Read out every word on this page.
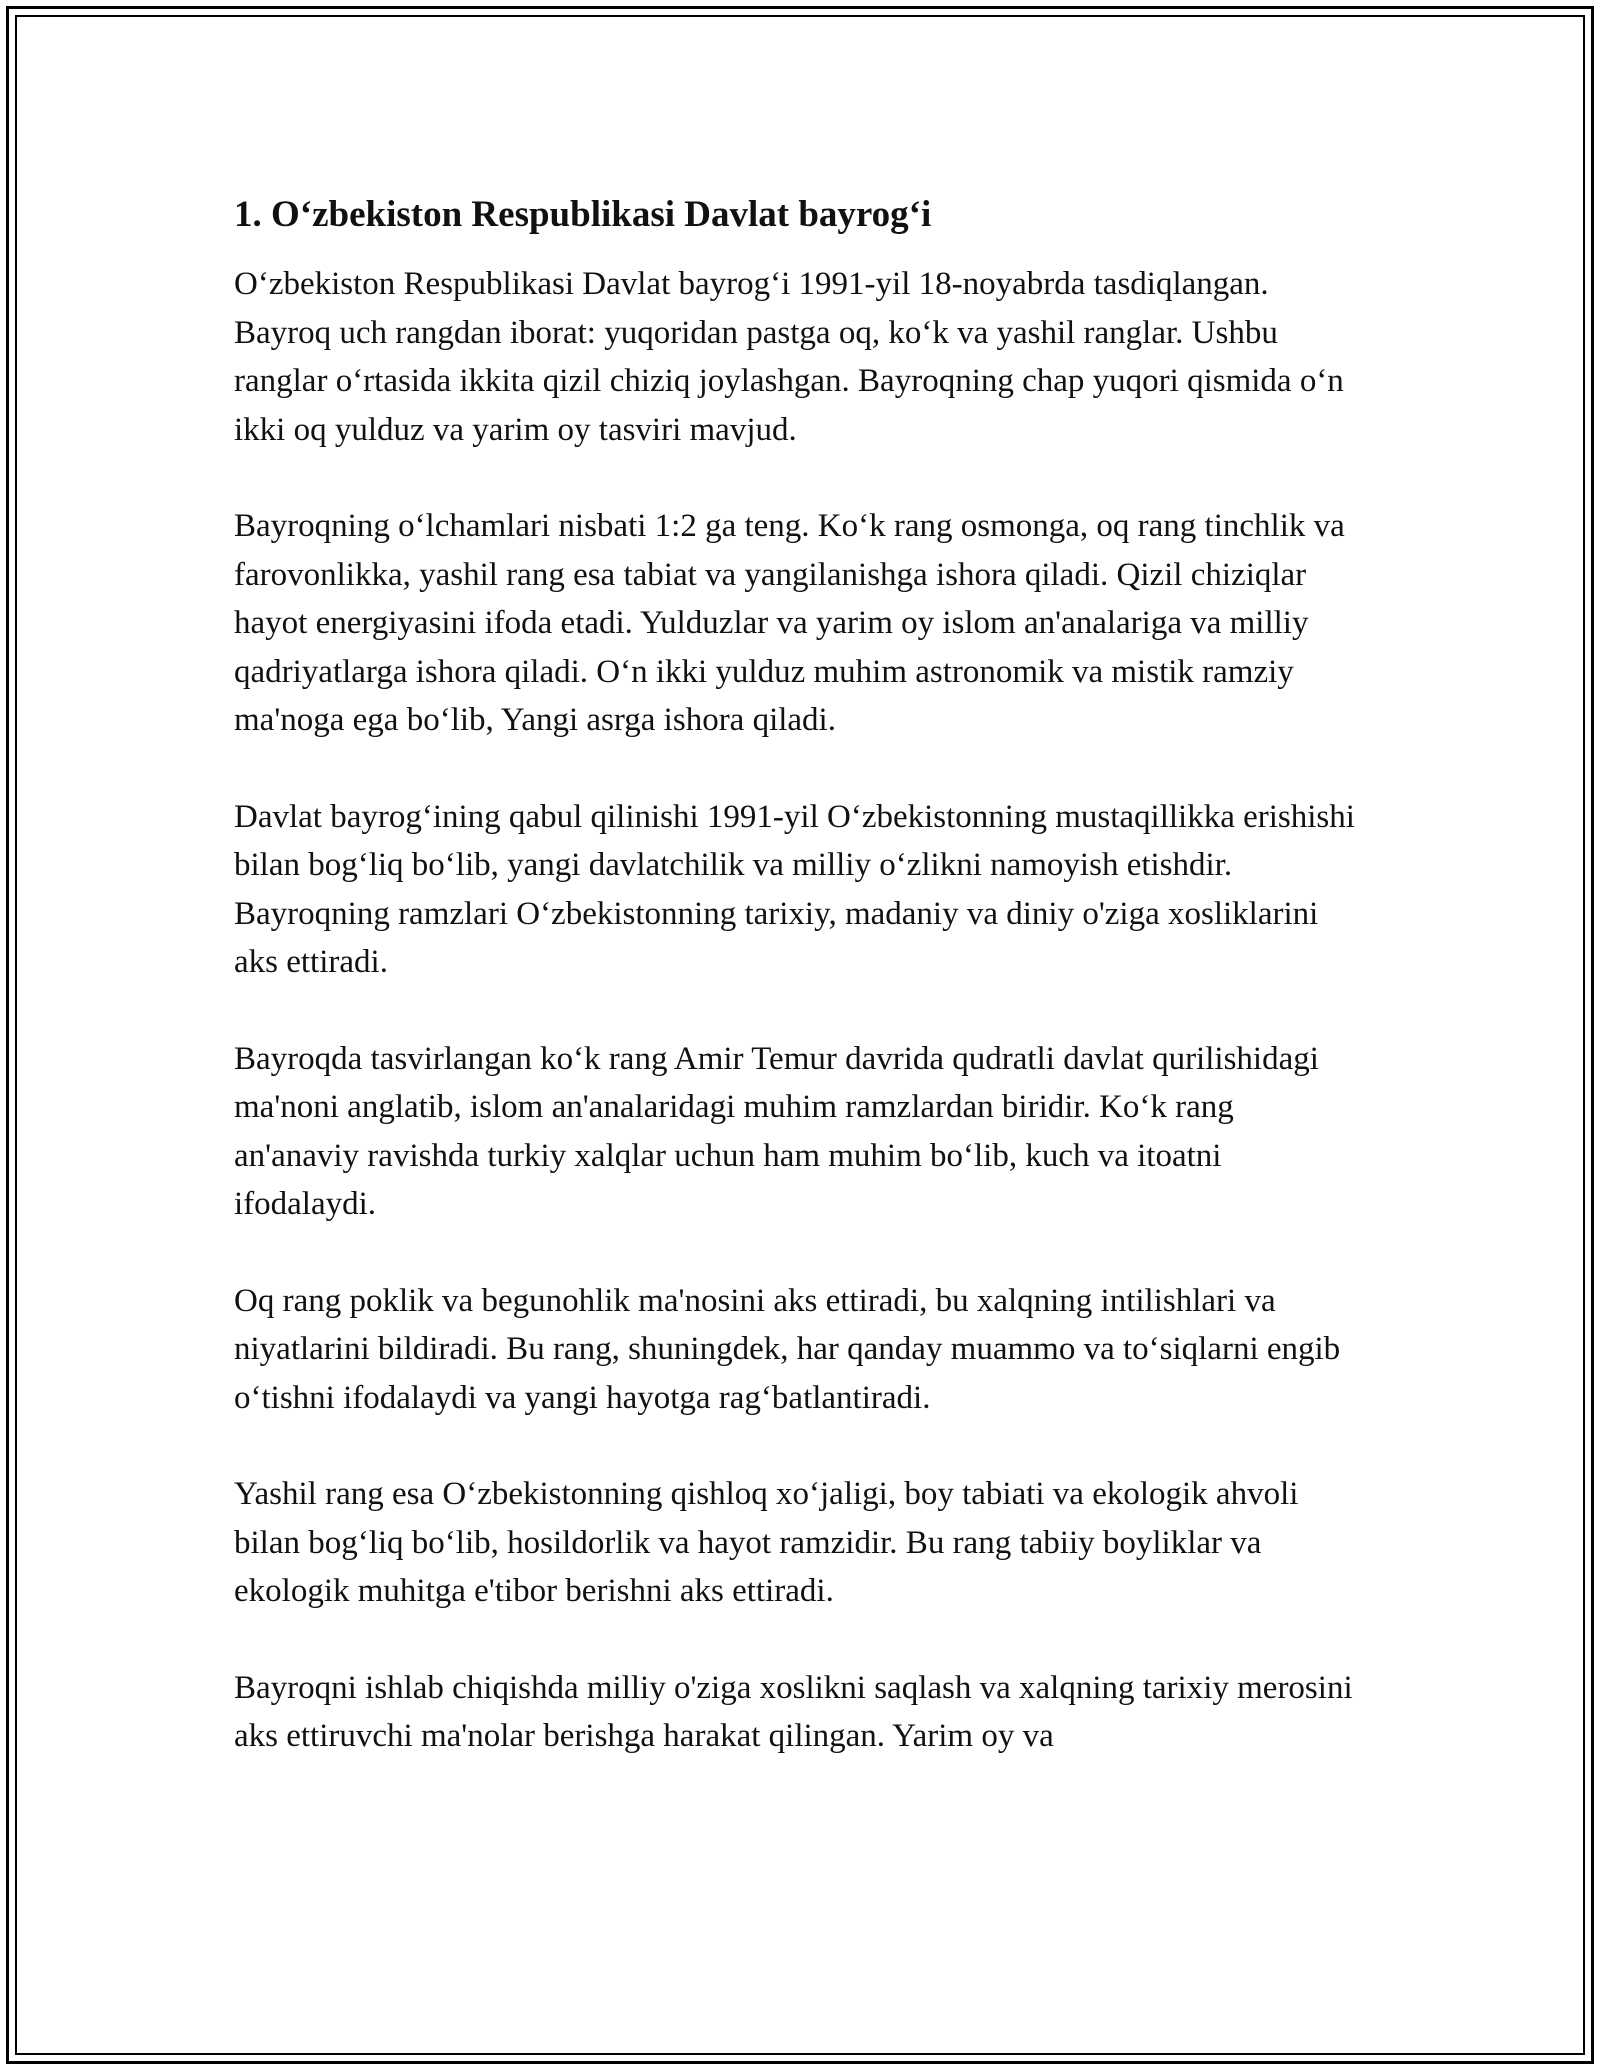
1. Oʻzbekiston Respublikasi Davlat bayrogʻi

Oʻzbekiston Respublikasi Davlat bayrogʻi 1991-yil 18-noyabrda tasdiqlangan. Bayroq uch rangdan iborat: yuqoridan pastga oq, koʻk va yashil ranglar. Ushbu ranglar oʻrtasida ikkita qizil chiziq joylashgan. Bayroqning chap yuqori qismida oʻn ikki oq yulduz va yarim oy tasviri mavjud.

Bayroqning oʻlchamlari nisbati 1:2 ga teng. Koʻk rang osmonga, oq rang tinchlik va farovonlikka, yashil rang esa tabiat va yangilanishga ishora qiladi. Qizil chiziqlar hayot energiyasini ifoda etadi. Yulduzlar va yarim oy islom an'analariga va milliy qadriyatlarga ishora qiladi. Oʻn ikki yulduz muhim astronomik va mistik ramziy ma'noga ega boʻlib, Yangi asrga ishora qiladi.

Davlat bayrogʻining qabul qilinishi 1991-yil Oʻzbekistonning mustaqillikka erishishi bilan bogʻliq boʻlib, yangi davlatchilik va milliy oʻzlikni namoyish etishdir. Bayroqning ramzlari Oʻzbekistonning tarixiy, madaniy va diniy o'ziga xosliklarini aks ettiradi.

Bayroqda tasvirlangan koʻk rang Amir Temur davrida qudratli davlat qurilishidagi ma'noni anglatib, islom an'analaridagi muhim ramzlardan biridir. Koʻk rang an'anaviy ravishda turkiy xalqlar uchun ham muhim boʻlib, kuch va itoatni ifodalaydi.

Oq rang poklik va begunohlik ma'nosini aks ettiradi, bu xalqning intilishlari va niyatlarini bildiradi. Bu rang, shuningdek, har qanday muammo va toʻsiqlarni engib oʻtishni ifodalaydi va yangi hayotga ragʻbatlantiradi.

Yashil rang esa Oʻzbekistonning qishloq xoʻjaligi, boy tabiati va ekologik ahvoli bilan bogʻliq boʻlib, hosildorlik va hayot ramzidir. Bu rang tabiiy boyliklar va ekologik muhitga e'tibor berishni aks ettiradi.

Bayroqni ishlab chiqishda milliy o'ziga xoslikni saqlash va xalqning tarixiy merosini aks ettiruvchi ma'nolar berishga harakat qilingan. Yarim oy va
